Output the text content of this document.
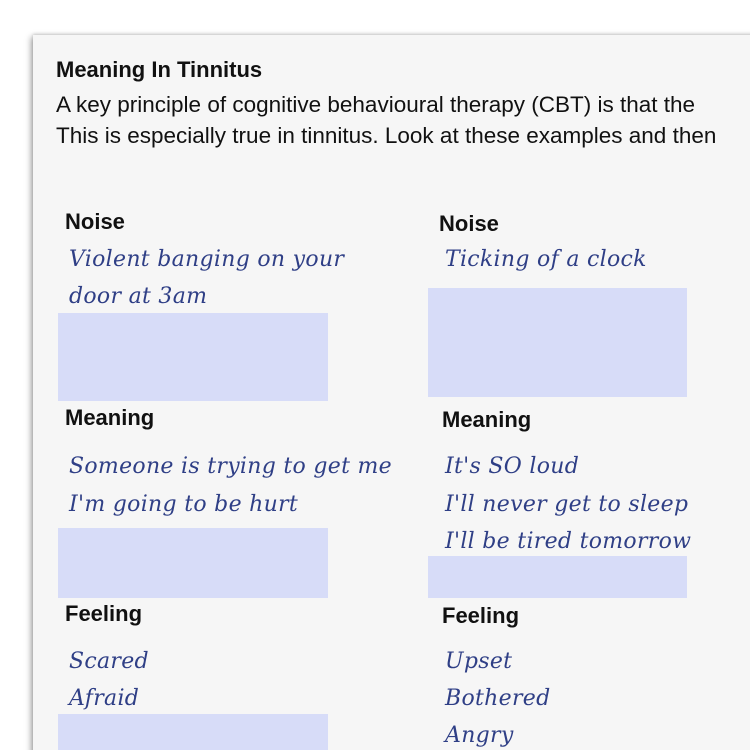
Meaning In Tinnitus
A key principle of cognitive behavioural therapy (CBT) is that the
This is especially true in tinnitus. Look at these examples and then
Noise
Violent banging on your
door at 3am
Meaning
Someone is trying to get me
I'm going to be hurt
Feeling
Scared
Afraid
Noise
Ticking of a clock
Meaning
It's SO loud
I'll never get to sleep
I'll be tired tomorrow
Feeling
Upset
Bothered
Angry
